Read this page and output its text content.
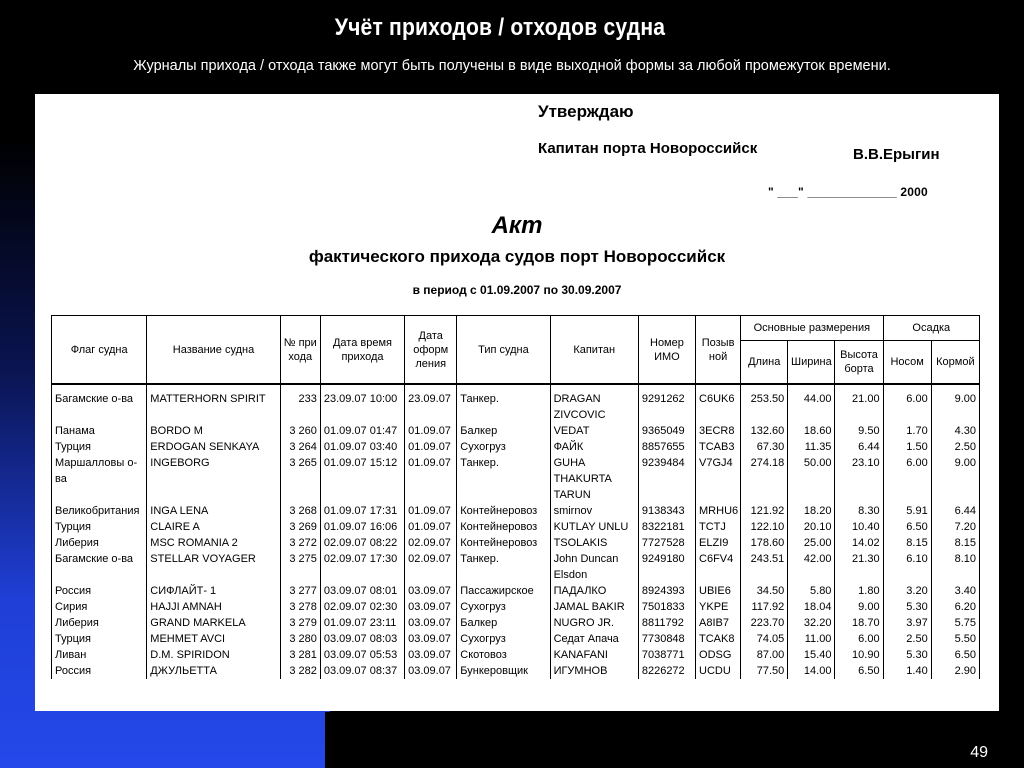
Учёт приходов / отходов судна
Журналы прихода / отхода также могут быть получены в виде выходной формы за любой промежуток времени.
Утверждаю
Капитан порта Новороссийск	В.В.Ерыгин
" ___" _____________ 2000
Акт
фактического прихода судов порт Новороссийск
в период с 01.09.2007 по 30.09.2007
Флаг судна	Название судна	№ при хода	Дата время прихода	Дата оформ ления	Тип судна	Капитан	Номер ИМО	Позыв ной	Основные размерения			Осадка	
									Длина	Ширина	Высота борта	Носом	Кормой
Багамские о-ва	MATTERHORN SPIRIT	233	23.09.07 10:00	23.09.07	Танкер.	DRAGAN ZIVCOVIC	9291262	C6UK6	253.50	44.00	21.00	6.00	9.00
Панама	BORDO M	3 260	01.09.07 01:47	01.09.07	Балкер	VEDAT	9365049	3ECR8	132.60	18.60	9.50	1.70	4.30
Турция	ERDOGAN SENKAYA	3 264	01.09.07 03:40	01.09.07	Сухогруз	ФАЙК	8857655	TCAB3	67.30	11.35	6.44	1.50	2.50
Маршалловы о-ва	INGEBORG	3 265	01.09.07 15:12	01.09.07	Танкер.	GUHA THAKURTA TARUN	9239484	V7GJ4	274.18	50.00	23.10	6.00	9.00
Великобритания	INGA LENA	3 268	01.09.07 17:31	01.09.07	Контейнеровоз	smirnov	9138343	MRHU6	121.92	18.20	8.30	5.91	6.44
Турция	CLAIRE A	3 269	01.09.07 16:06	01.09.07	Контейнеровоз	KUTLAY UNLU	8322181	TCTJ	122.10	20.10	10.40	6.50	7.20
Либерия	MSC ROMANIA 2	3 272	02.09.07 08:22	02.09.07	Контейнеровоз	TSOLAKIS	7727528	ELZI9	178.60	25.00	14.02	8.15	8.15
Багамские о-ва	STELLAR VOYAGER	3 275	02.09.07 17:30	02.09.07	Танкер.	John Duncan Elsdon	9249180	C6FV4	243.51	42.00	21.30	6.10	8.10
Россия	СИФЛАЙТ- 1	3 277	03.09.07 08:01	03.09.07	Пассажирское	ПАДАЛКО	8924393	UBIE6	34.50	5.80	1.80	3.20	3.40
Сирия	HAJJI AMNAH	3 278	02.09.07 02:30	03.09.07	Сухогруз	JAMAL BAKIR	7501833	YKPE	117.92	18.04	9.00	5.30	6.20
Либерия	GRAND MARKELA	3 279	01.09.07 23:11	03.09.07	Балкер	NUGRO JR.	8811792	A8IB7	223.70	32.20	18.70	3.97	5.75
Турция	MEHMET AVCI	3 280	03.09.07 08:03	03.09.07	Сухогруз	Седат Апача	7730848	TCAK8	74.05	11.00	6.00	2.50	5.50
Ливан	D.M. SPIRIDON	3 281	03.09.07 05:53	03.09.07	Скотовоз	KANAFANI	7038771	ODSG	87.00	15.40	10.90	5.30	6.50
Россия	ДЖУЛЬЕТТА	3 282	03.09.07 08:37	03.09.07	Бункеровщик	ИГУМНОВ	8226272	UCDU	77.50	14.00	6.50	1.40	2.90
49
